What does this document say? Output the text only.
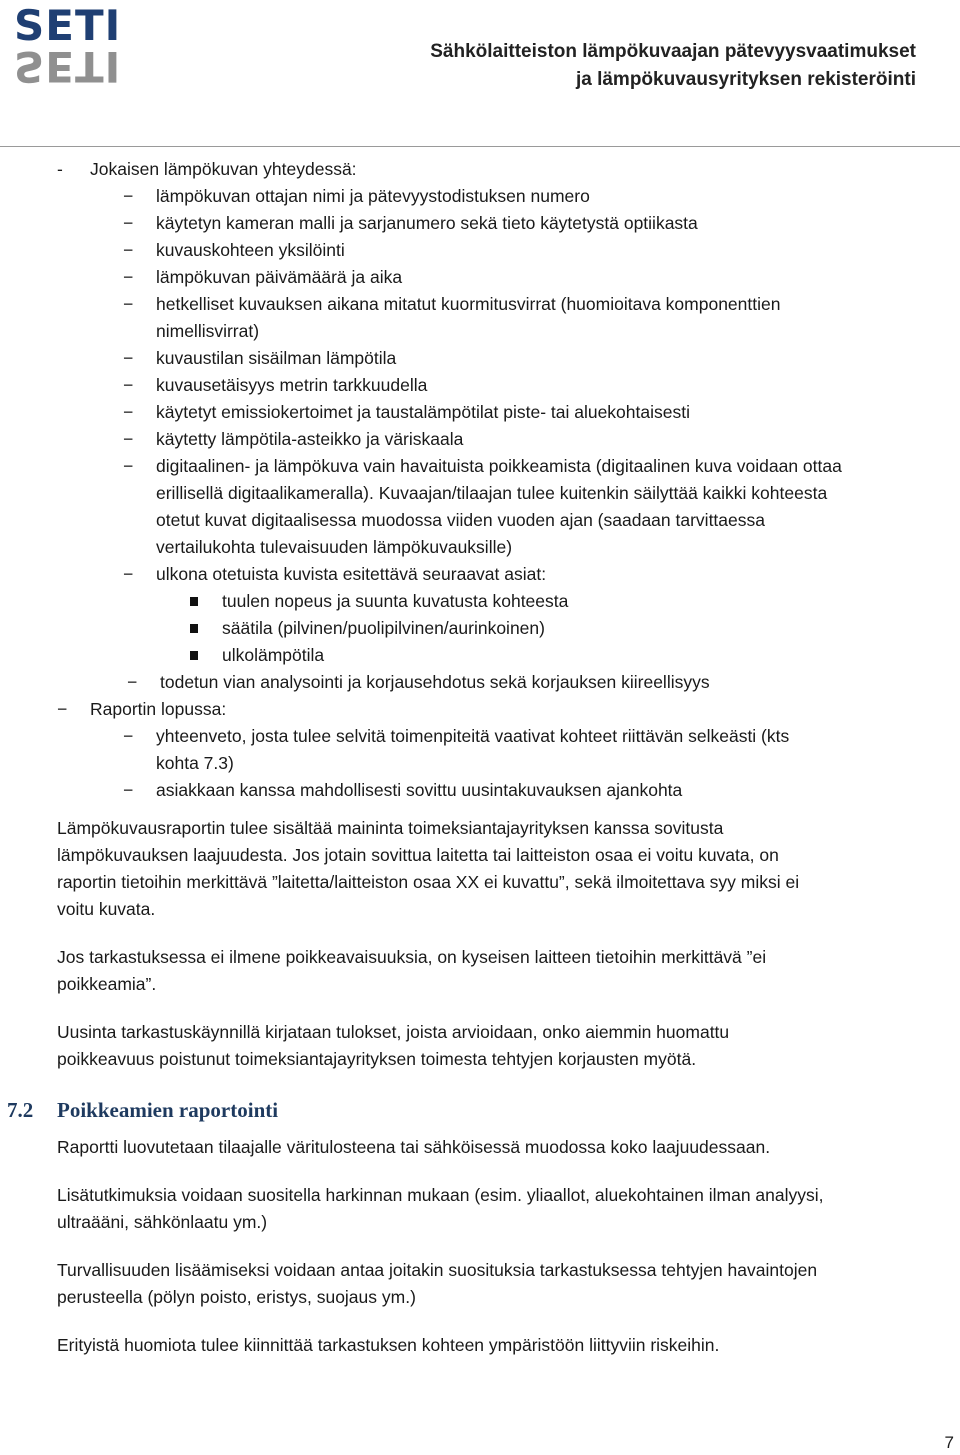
SETI
SETI	Sähkölaitteiston lämpökuvaajan pätevyysvaatimukset
ja lämpökuvausyrityksen rekisteröinti
- Jokaisen lämpökuvan yhteydessä:
− lämpökuvan ottajan nimi ja pätevyystodistuksen numero
− käytetyn kameran malli ja sarjanumero sekä tieto käytetystä optiikasta
− kuvauskohteen yksilöinti
− lämpökuvan päivämäärä ja aika
− hetkelliset kuvauksen aikana mitatut kuormitusvirrat (huomioitava komponenttien
nimellisvirrat)
− kuvaustilan sisäilman lämpötila
− kuvausetäisyys metrin tarkkuudella
− käytetyt emissiokertoimet ja taustalämpötilat piste- tai aluekohtaisesti
− käytetty lämpötila-asteikko ja väriskaala
− digitaalinen- ja lämpökuva vain havaituista poikkeamista (digitaalinen kuva voidaan ottaa
erillisellä digitaalikameralla). Kuvaajan/tilaajan tulee kuitenkin säilyttää kaikki kohteesta
otetut kuvat digitaalisessa muodossa viiden vuoden ajan (saadaan tarvittaessa
vertailukohta tulevaisuuden lämpökuvauksille)
− ulkona otetuista kuvista esitettävä seuraavat asiat:
tuulen nopeus ja suunta kuvatusta kohteesta
säätila (pilvinen/puolipilvinen/aurinkoinen)
ulkolämpötila
− todetun vian analysointi ja korjausehdotus sekä korjauksen kiireellisyys
− Raportin lopussa:
− yhteenveto, josta tulee selvitä toimenpiteitä vaativat kohteet riittävän selkeästi (kts
kohta 7.3)
− asiakkaan kanssa mahdollisesti sovittu uusintakuvauksen ajankohta
Lämpökuvausraportin tulee sisältää maininta toimeksiantajayrityksen kanssa sovitusta
lämpökuvauksen laajuudesta. Jos jotain sovittua laitetta tai laitteiston osaa ei voitu kuvata, on
raportin tietoihin merkittävä ”laitetta/laitteiston osaa XX ei kuvattu”, sekä ilmoitettava syy miksi ei
voitu kuvata.
Jos tarkastuksessa ei ilmene poikkeavaisuuksia, on kyseisen laitteen tietoihin merkittävä ”ei
poikkeamia”.
Uusinta tarkastuskäynnillä kirjataan tulokset, joista arvioidaan, onko aiemmin huomattu
poikkeavuus poistunut toimeksiantajayrityksen toimesta tehtyjen korjausten myötä.
7.2 Poikkeamien raportointi
Raportti luovutetaan tilaajalle väritulosteena tai sähköisessä muodossa koko laajuudessaan.
Lisätutkimuksia voidaan suositella harkinnan mukaan (esim. yliaallot, aluekohtainen ilman analyysi,
ultraääni, sähkönlaatu ym.)
Turvallisuuden lisäämiseksi voidaan antaa joitakin suosituksia tarkastuksessa tehtyjen havaintojen
perusteella (pölyn poisto, eristys, suojaus ym.)
Erityistä huomiota tulee kiinnittää tarkastuksen kohteen ympäristöön liittyviin riskeihin.
7
